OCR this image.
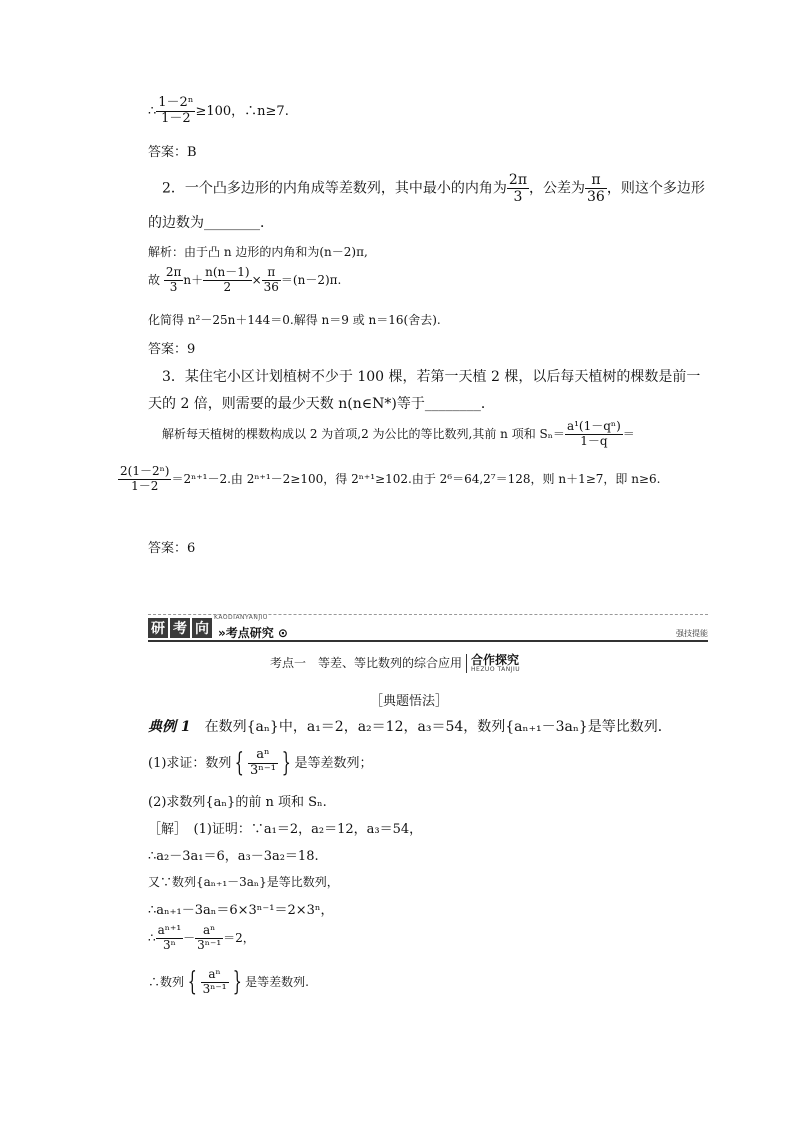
∴ $\frac{\text{1－2ⁿ}}{1-2} \ge 100$，∴n≥7.
答案：B
2．一个凸多边形的内角成等差数列，其中最小的内角为 $\frac{2\pi}{3}$ ，公差为 $\frac{\pi}{36}$ ，则这个多边形
的边数为________．
解析：由于凸 n 边形的内角和为(n－2)π,
故 $\frac{2\pi}{3} n+ \frac{n(n-1)}{2} \times \frac{\pi}{36} =(n-2)\pi$.
化简得 n²－25n＋144＝0.解得 n＝9 或 n＝16(舍去).
答案：9
3．某住宅小区计划植树不少于 100 棵，若第一天植 2 棵，以后每天植树的棵数是前一
天的 2 倍，则需要的最少天数 n(n∈N*)等于________．
解析每天植树的棵数构成以 2 为首项,2 为公比的等比数列,其前 n 项和 $S_n= \frac{\text{a¹(1－qⁿ)}}{1-q}$ ＝
$\frac{\text{2(1－2ⁿ)}}{1-2} =2^{n+1}-2$.由 2ⁿ⁺¹－2≥100，得 2ⁿ⁺¹≥102.由于 2⁶＝64,2⁷＝128，则 n＋1≥7，即 n≥6.
答案：6
研 考 向
KAODIANYANJIU
»考点研究 ⊙	强技提能
考点一　等差、等比数列的综合应用 合作探究
HEZUO TANJIU
［典题悟法］
典例 1　在数列{aₙ}中，a₁＝2，a₂＝12，a₃＝54，数列{aₙ₊₁－3aₙ}是等比数列．
(1)求证：数列 { $\frac{\text{aⁿ}}{\text{3ⁿ⁻¹}}$ } 是等差数列；
(2)求数列{aₙ}的前 n 项和 Sₙ.
［解］　(1)证明：∵a₁＝2，a₂＝12，a₃＝54，
∴a₂－3a₁＝6，a₃－3a₂＝18.
又∵数列{aₙ₊₁－3aₙ}是等比数列，
∴aₙ₊₁－3aₙ＝6×3ⁿ⁻¹＝2×3ⁿ，
∴ $\frac{\text{aⁿ⁺¹}}{\text{3ⁿ}} - \frac{\text{aⁿ}}{\text{3ⁿ⁻¹}} =2$，
∴数列 { $\frac{\text{aⁿ}}{\text{3ⁿ⁻¹}}$ } 是等差数列.
